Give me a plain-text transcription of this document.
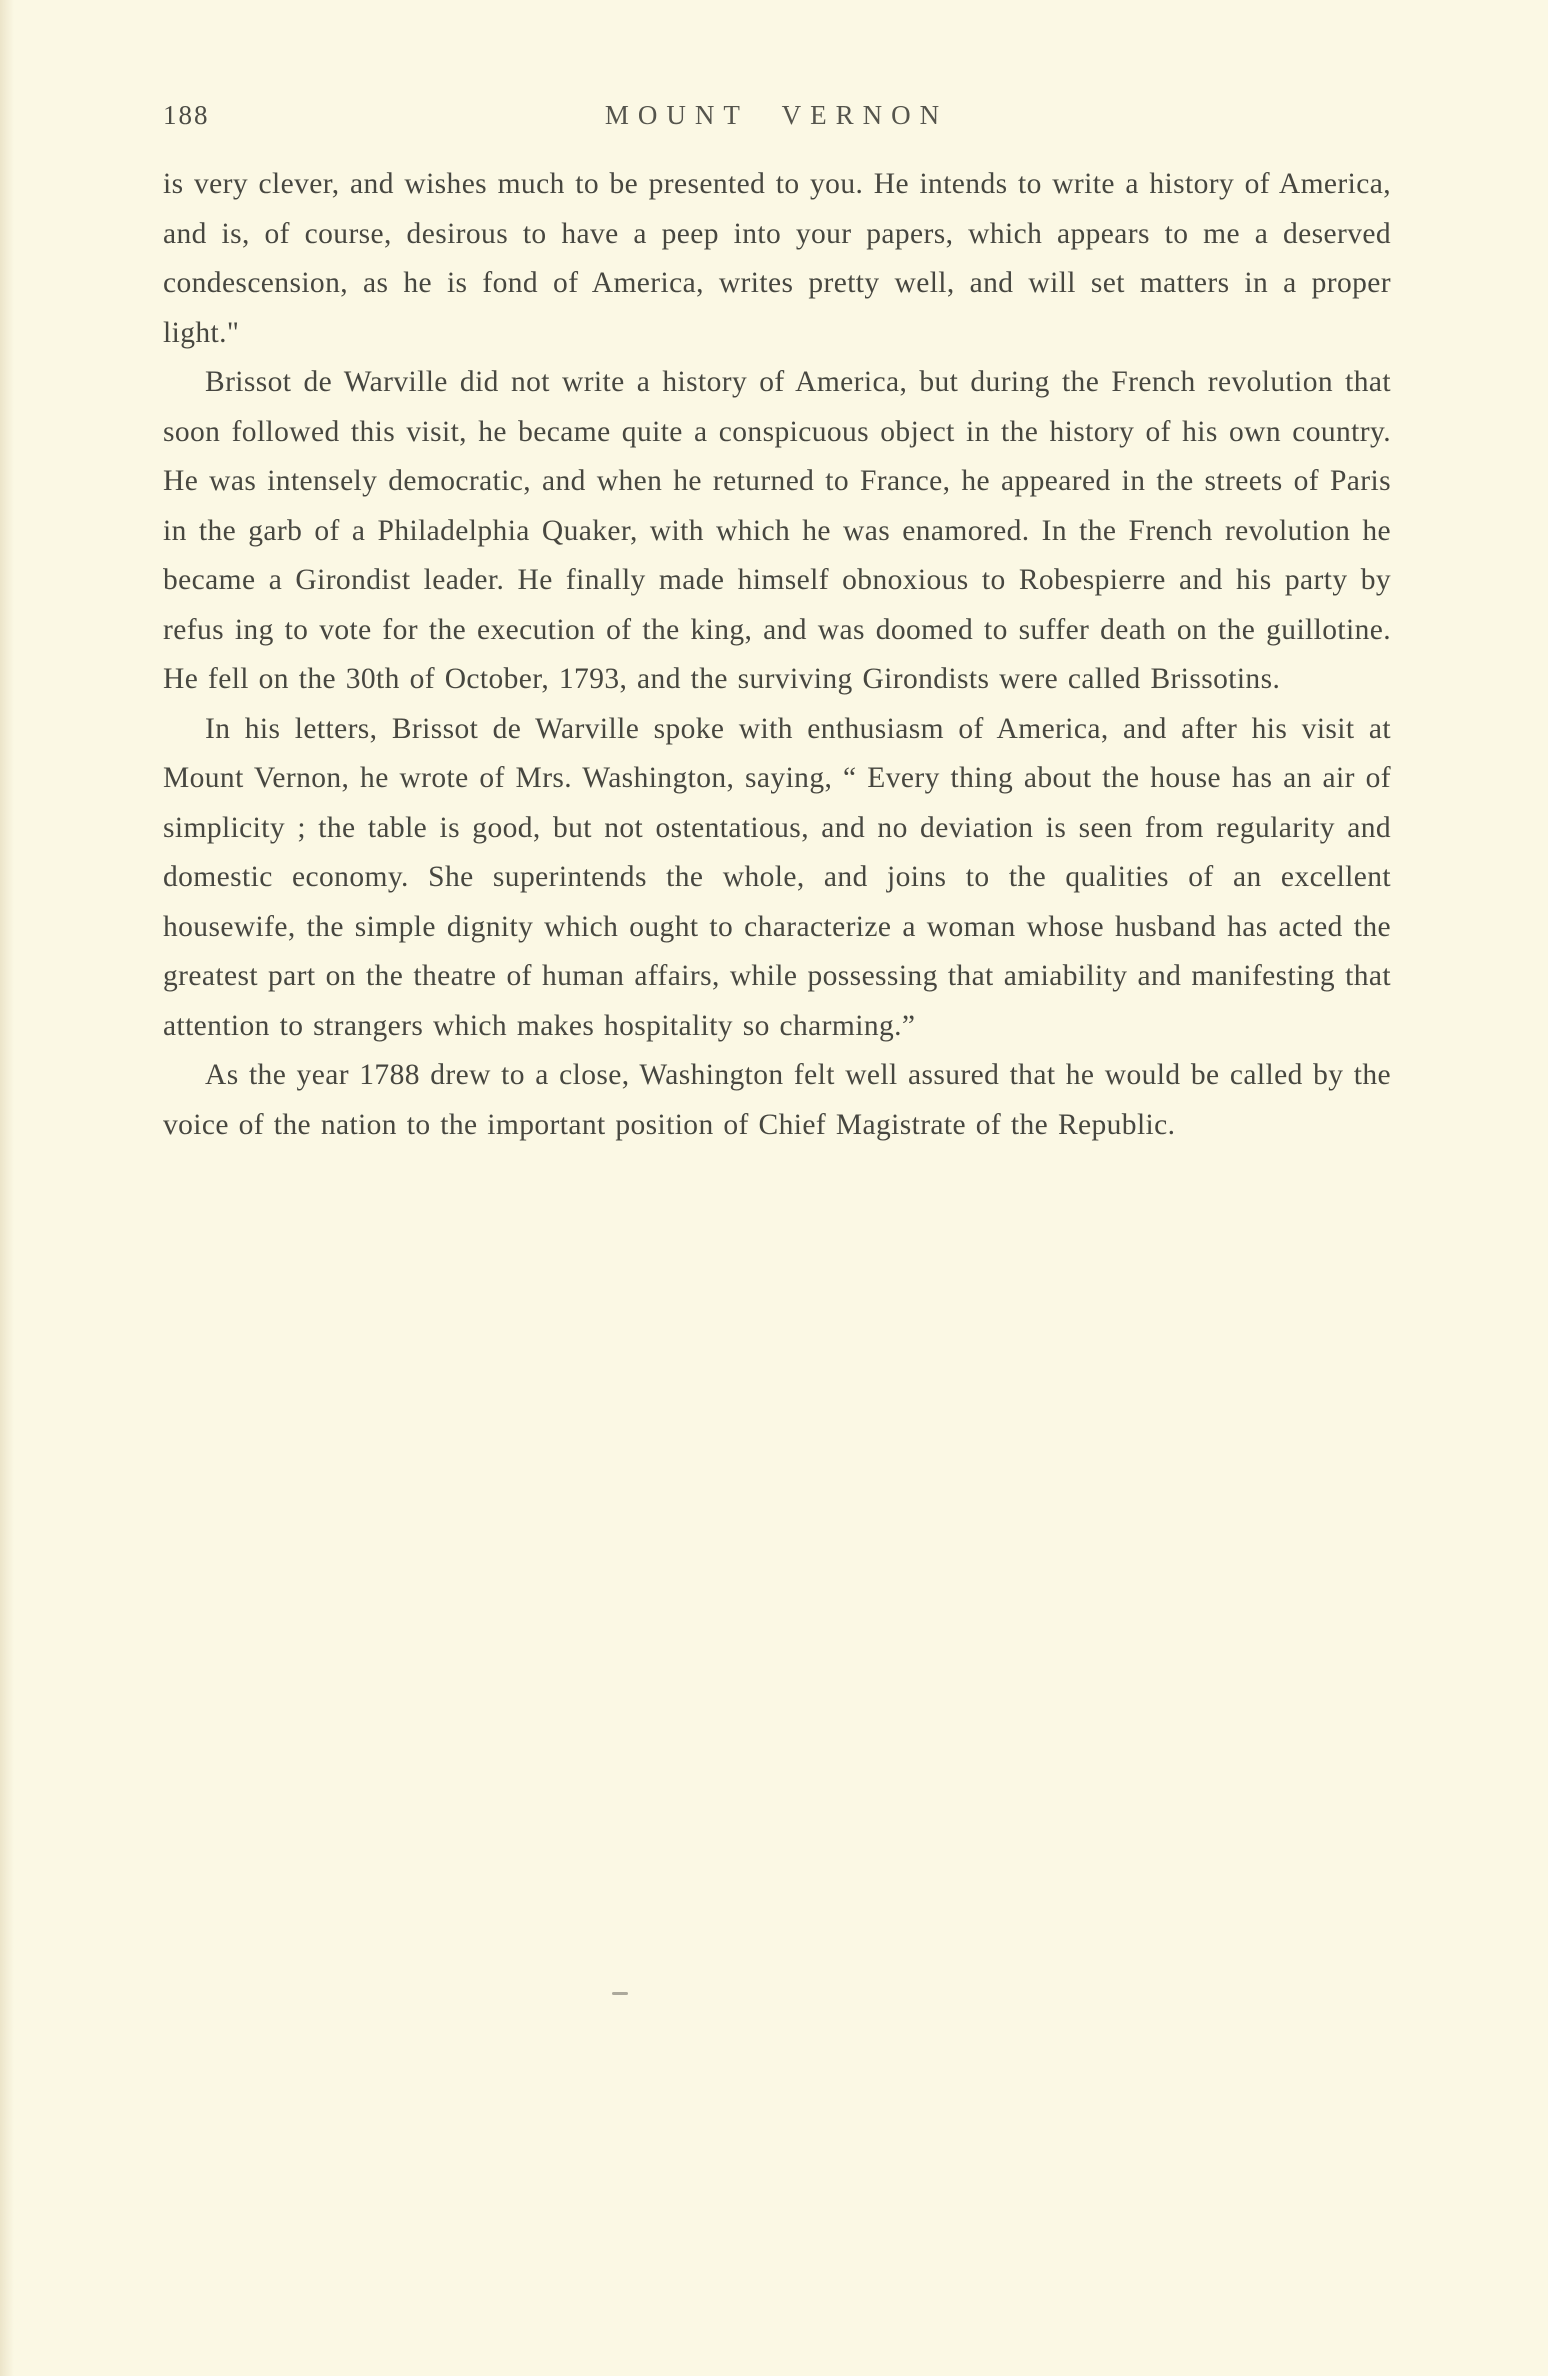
188	MOUNT VERNON

is very clever, and wishes much to be presented to you. He intends to write a history of America, and is, of course, desirous to have a peep into your papers, which appears to me a deserved condescension, as he is fond of America, writes pretty well, and will set matters in a proper light."

Brissot de Warville did not write a history of America, but during the French revolution that soon followed this visit, he became quite a conspicuous object in the history of his own country. He was intensely democratic, and when he returned to France, he appeared in the streets of Paris in the garb of a Philadelphia Quaker, with which he was enamored. In the French revolution he became a Girondist leader. He finally made himself obnoxious to Robespierre and his party by refus ing to vote for the execution of the king, and was doomed to suffer death on the guillotine. He fell on the 30th of October, 1793, and the surviving Girondists were called Brissotins.

In his letters, Brissot de Warville spoke with enthusiasm of America, and after his visit at Mount Vernon, he wrote of Mrs. Washington, saying, “ Every thing about the house has an air of simplicity ; the table is good, but not ostentatious, and no deviation is seen from regularity and domestic economy. She superintends the whole, and joins to the qualities of an excellent housewife, the simple dignity which ought to characterize a woman whose husband has acted the greatest part on the theatre of human affairs, while possessing that amiability and manifesting that attention to strangers which makes hospitality so charming.”

As the year 1788 drew to a close, Washington felt well assured that he would be called by the voice of the nation to the important position of Chief Magistrate of the Republic.
